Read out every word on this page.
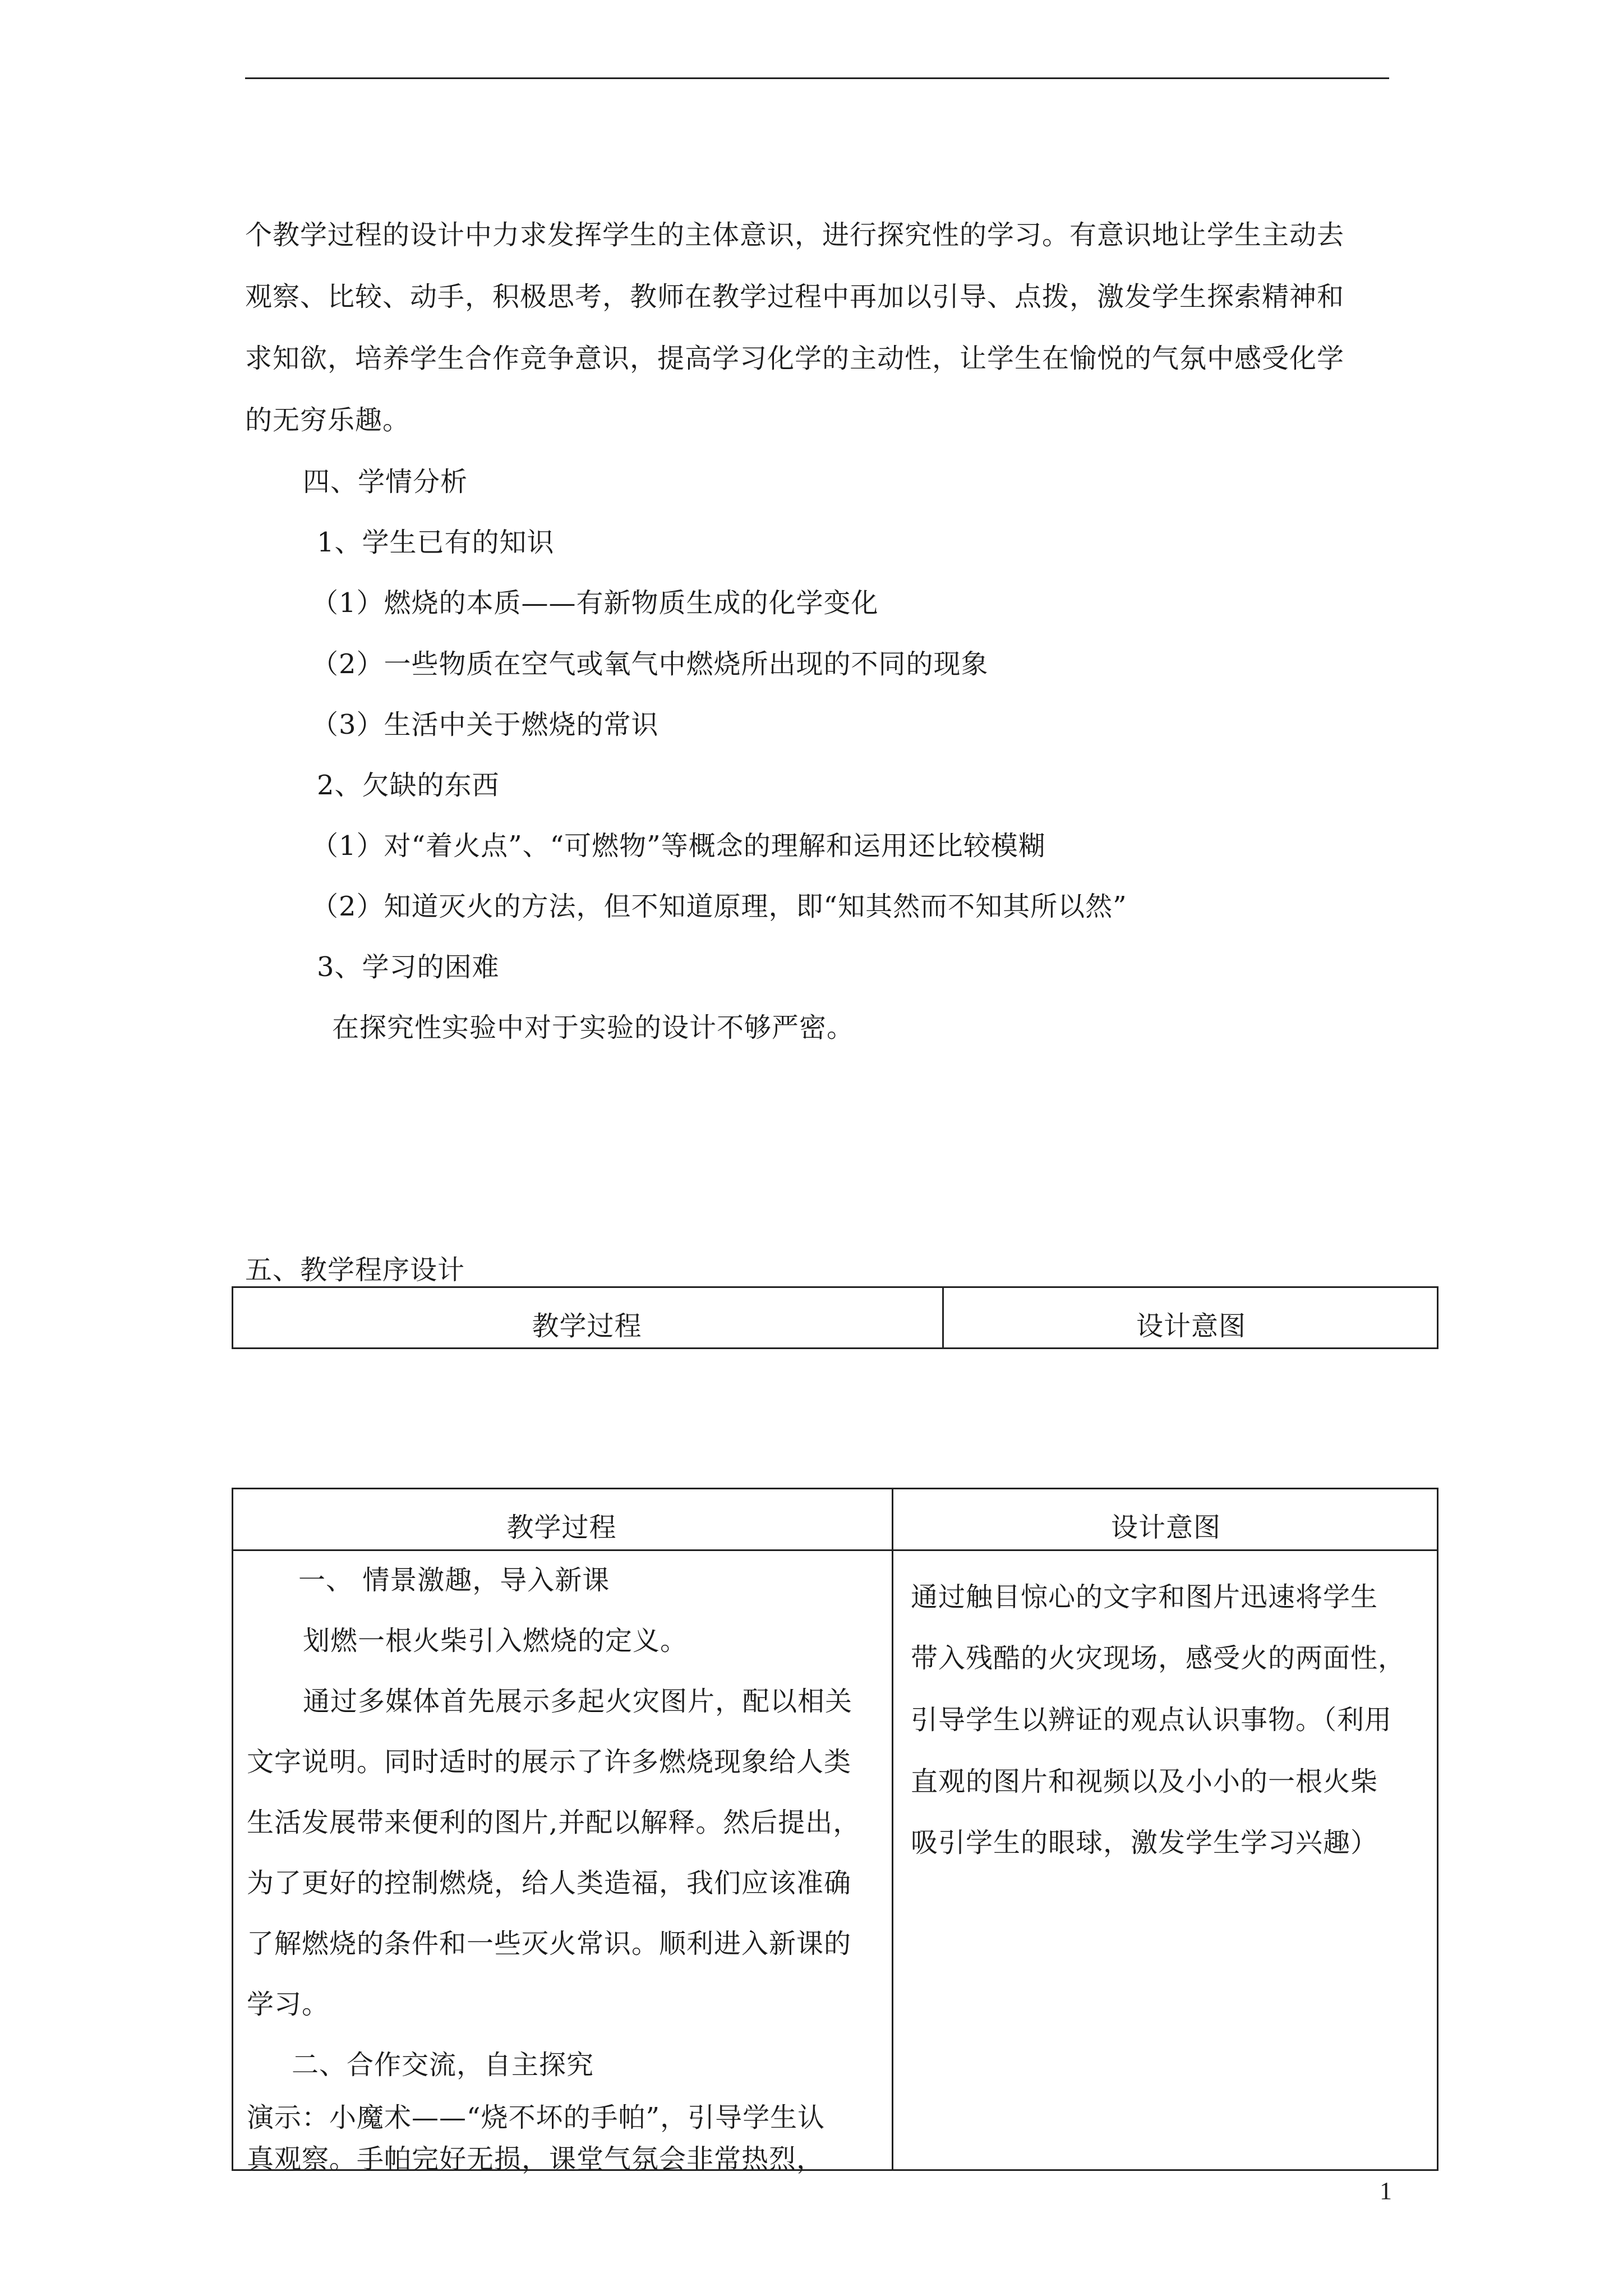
个教学过程的设计中力求发挥学生的主体意识，进行探究性的学习。有意识地让学生主动去
观察、比较、动手，积极思考，教师在教学过程中再加以引导、点拨，激发学生探索精神和
求知欲，培养学生合作竞争意识，提高学习化学的主动性，让学生在愉悦的气氛中感受化学
的无穷乐趣。
四、学情分析
1、学生已有的知识
（1）燃烧的本质——有新物质生成的化学变化
（2）一些物质在空气或氧气中燃烧所出现的不同的现象
（3）生活中关于燃烧的常识
2、欠缺的东西
（1）对“着火点”、“可燃物”等概念的理解和运用还比较模糊
（2）知道灭火的方法，但不知道原理，即“知其然而不知其所以然”
3、学习的困难
在探究性实验中对于实验的设计不够严密。
五、教学程序设计
教学过程	设计意图
教学过程	设计意图
一、 情景激趣，导入新课
划燃一根火柴引入燃烧的定义。
通过多媒体首先展示多起火灾图片，配以相关
文字说明。同时适时的展示了许多燃烧现象给人类
生活发展带来便利的图片,并配以解释。然后提出，
为了更好的控制燃烧，给人类造福，我们应该准确
了解燃烧的条件和一些灭火常识。顺利进入新课的
学习。
二、合作交流，自主探究
演示：小魔术——“烧不坏的手帕”，引导学生认
真观察。手帕完好无损，课堂气氛会非常热烈，
通过触目惊心的文字和图片迅速将学生
带入残酷的火灾现场，感受火的两面性，
引导学生以辨证的观点认识事物。（利用
直观的图片和视频以及小小的一根火柴
吸引学生的眼球，激发学生学习兴趣）
1
